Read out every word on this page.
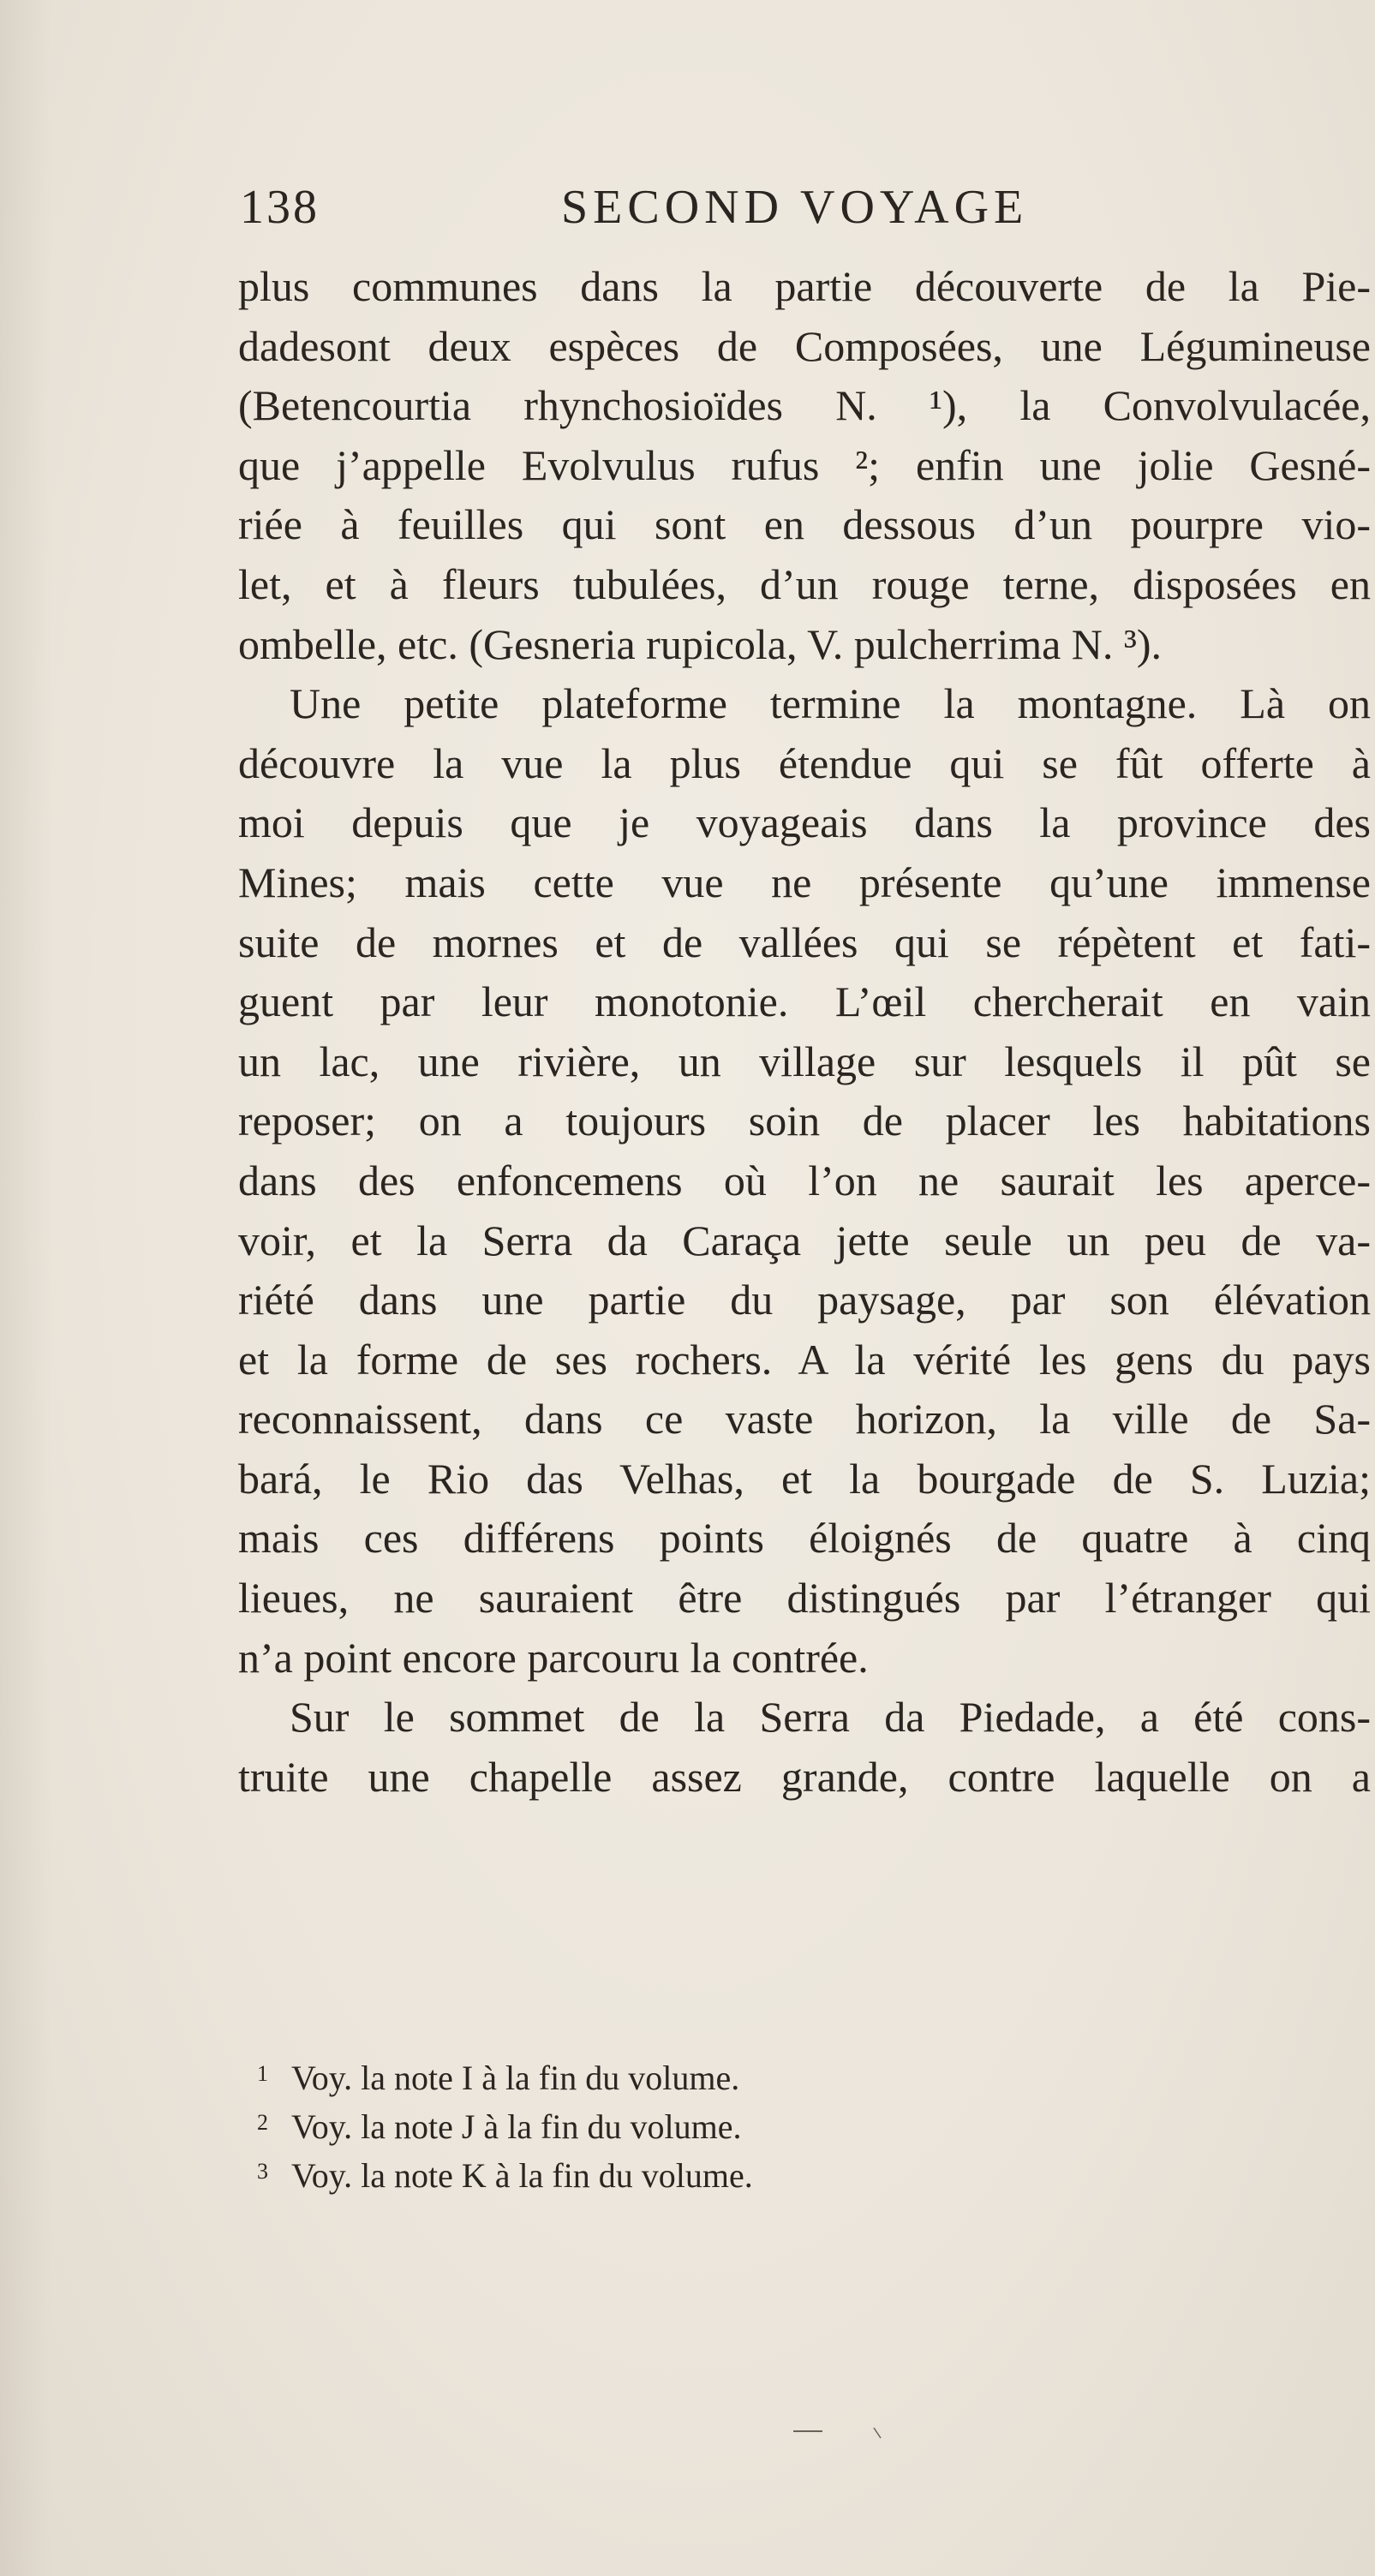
138	SECOND VOYAGE
plus communes dans la partie découverte de la Pie-
dadesont deux espèces de Composées, une Légumineuse
(Betencourtia rhynchosioïdes N. ¹), la Convolvulacée,
que j’appelle Evolvulus rufus ²; enfin une jolie Gesné-
riée à feuilles qui sont en dessous d’un pourpre vio-
let, et à fleurs tubulées, d’un rouge terne, disposées en
ombelle, etc. (Gesneria rupicola, V. pulcherrima N. ³).
Une petite plateforme termine la montagne. Là on
découvre la vue la plus étendue qui se fût offerte à
moi depuis que je voyageais dans la province des
Mines; mais cette vue ne présente qu’une immense
suite de mornes et de vallées qui se répètent et fati-
guent par leur monotonie. L’œil chercherait en vain
un lac, une rivière, un village sur lesquels il pût se
reposer; on a toujours soin de placer les habitations
dans des enfoncemens où l’on ne saurait les aperce-
voir, et la Serra da Caraça jette seule un peu de va-
riété dans une partie du paysage, par son élévation
et la forme de ses rochers. A la vérité les gens du pays
reconnaissent, dans ce vaste horizon, la ville de Sa-
bará, le Rio das Velhas, et la bourgade de S. Luzia;
mais ces différens points éloignés de quatre à cinq
lieues, ne sauraient être distingués par l’étranger qui
n’a point encore parcouru la contrée.
Sur le sommet de la Serra da Piedade, a été cons-
truite une chapelle assez grande, contre laquelle on a
1 Voy. la note I à la fin du volume.
2 Voy. la note J à la fin du volume.
3 Voy. la note K à la fin du volume.
